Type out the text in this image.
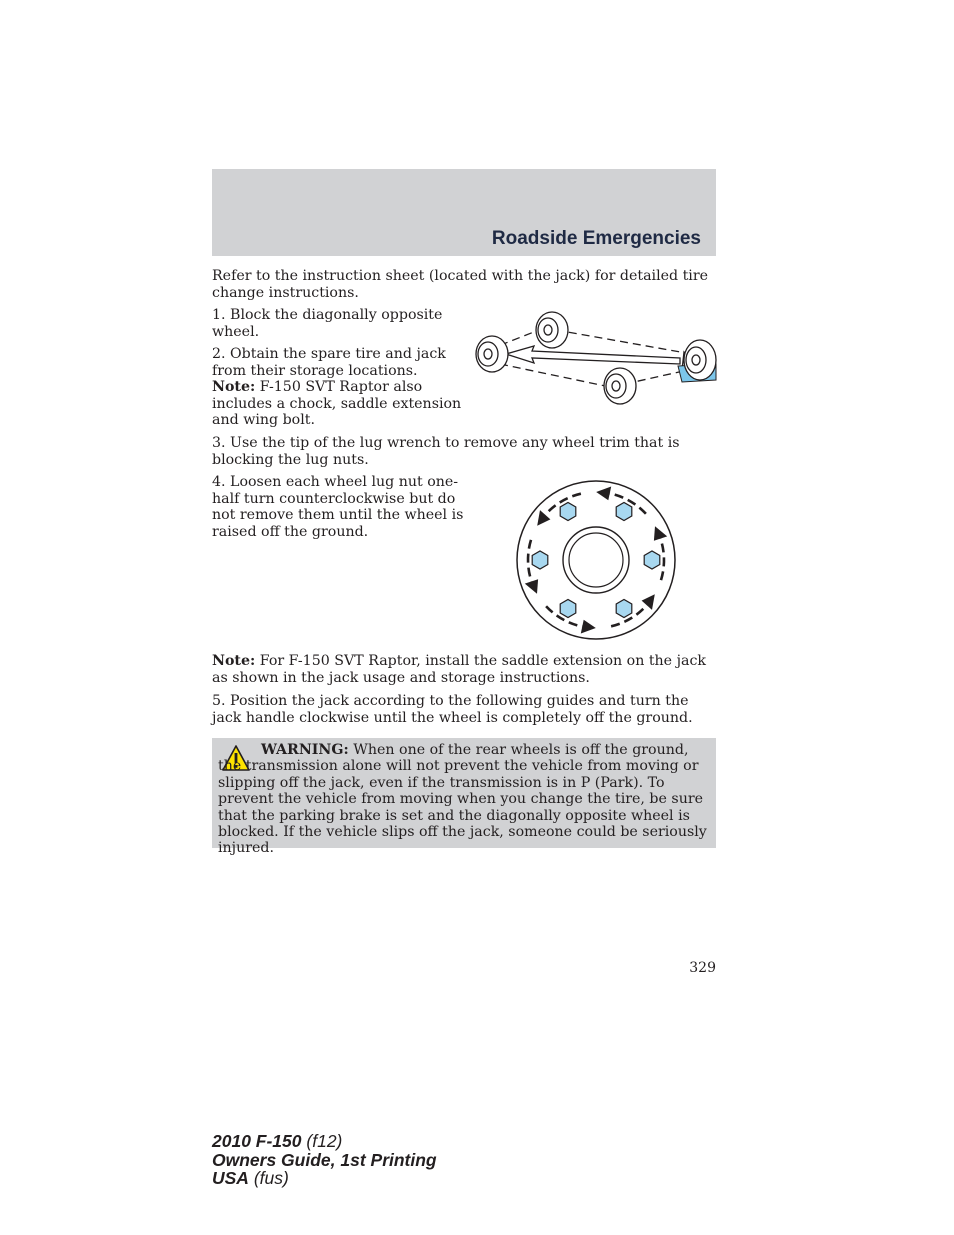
Roadside Emergencies

Refer to the instruction sheet (located with the jack) for detailed tire change instructions.

1. Block the diagonally opposite wheel.

2. Obtain the spare tire and jack from their storage locations. Note: F-150 SVT Raptor also includes a chock, saddle extension and wing bolt.

3. Use the tip of the lug wrench to remove any wheel trim that is blocking the lug nuts.

4. Loosen each wheel lug nut one-half turn counterclockwise but do not remove them until the wheel is raised off the ground.

Note: For F-150 SVT Raptor, install the saddle extension on the jack as shown in the jack usage and storage instructions.

5. Position the jack according to the following guides and turn the jack handle clockwise until the wheel is completely off the ground.

WARNING: When one of the rear wheels is off the ground, the transmission alone will not prevent the vehicle from moving or slipping off the jack, even if the transmission is in P (Park). To prevent the vehicle from moving when you change the tire, be sure that the parking brake is set and the diagonally opposite wheel is blocked. If the vehicle slips off the jack, someone could be seriously injured.

329
2010 F-150 (f12)
Owners Guide, 1st Printing
USA (fus)
